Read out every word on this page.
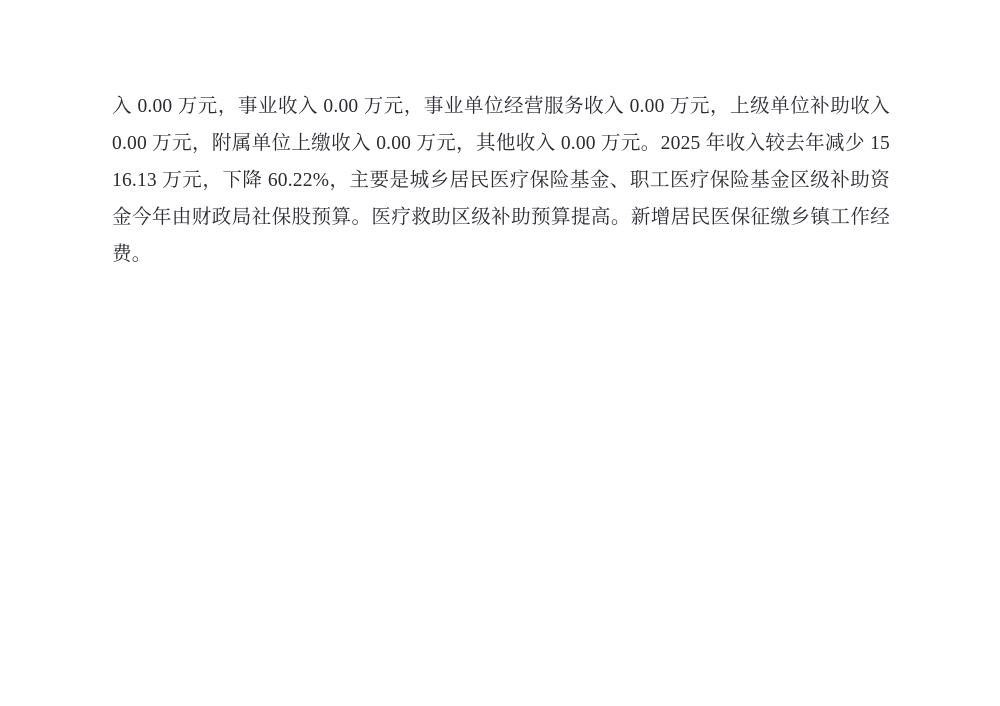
入 0.00 万元，事业收入 0.00 万元，事业单位经营服务收入 0.00 万元，上级单位补助收入 0.00 万元，附属单位上缴收入 0.00 万元，其他收入 0.00 万元。2025 年收入较去年减少 1516.13 万元，下降 60.22%，主要是城乡居民医疗保险基金、职工医疗保险基金区级补助资金今年由财政局社保股预算。医疗救助区级补助预算提高。新增居民医保征缴乡镇工作经费。
